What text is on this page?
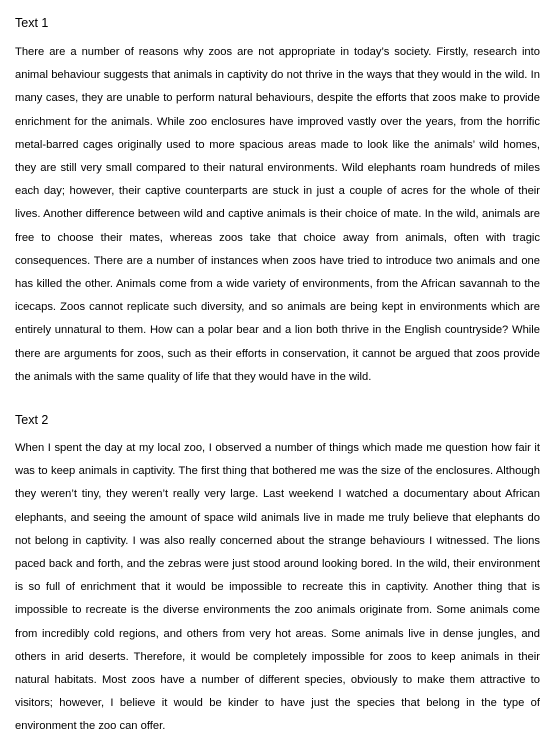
Text 1

There are a number of reasons why zoos are not appropriate in today’s society. Firstly, research into animal behaviour suggests that animals in captivity do not thrive in the ways that they would in the wild. In many cases, they are unable to perform natural behaviours, despite the efforts that zoos make to provide enrichment for the animals. While zoo enclosures have improved vastly over the years, from the horrific metal-barred cages originally used to more spacious areas made to look like the animals’ wild homes, they are still very small compared to their natural environments. Wild elephants roam hundreds of miles each day; however, their captive counterparts are stuck in just a couple of acres for the whole of their lives. Another difference between wild and captive animals is their choice of mate. In the wild, animals are free to choose their mates, whereas zoos take that choice away from animals, often with tragic consequences. There are a number of instances when zoos have tried to introduce two animals and one has killed the other. Animals come from a wide variety of environments, from the African savannah to the icecaps. Zoos cannot replicate such diversity, and so animals are being kept in environments which are entirely unnatural to them. How can a polar bear and a lion both thrive in the English countryside? While there are arguments for zoos, such as their efforts in conservation, it cannot be argued that zoos provide the animals with the same quality of life that they would have in the wild.

Text 2

When I spent the day at my local zoo, I observed a number of things which made me question how fair it was to keep animals in captivity. The first thing that bothered me was the size of the enclosures. Although they weren’t tiny, they weren’t really very large. Last weekend I watched a documentary about African elephants, and seeing the amount of space wild animals live in made me truly believe that elephants do not belong in captivity. I was also really concerned about the strange behaviours I witnessed. The lions paced back and forth, and the zebras were just stood around looking bored. In the wild, their environment is so full of enrichment that it would be impossible to recreate this in captivity. Another thing that is impossible to recreate is the diverse environments the zoo animals originate from. Some animals come from incredibly cold regions, and others from very hot areas. Some animals live in dense jungles, and others in arid deserts. Therefore, it would be completely impossible for zoos to keep animals in their natural habitats. Most zoos have a number of different species, obviously to make them attractive to visitors; however, I believe it would be kinder to have just the species that belong in the type of environment the zoo can offer.
